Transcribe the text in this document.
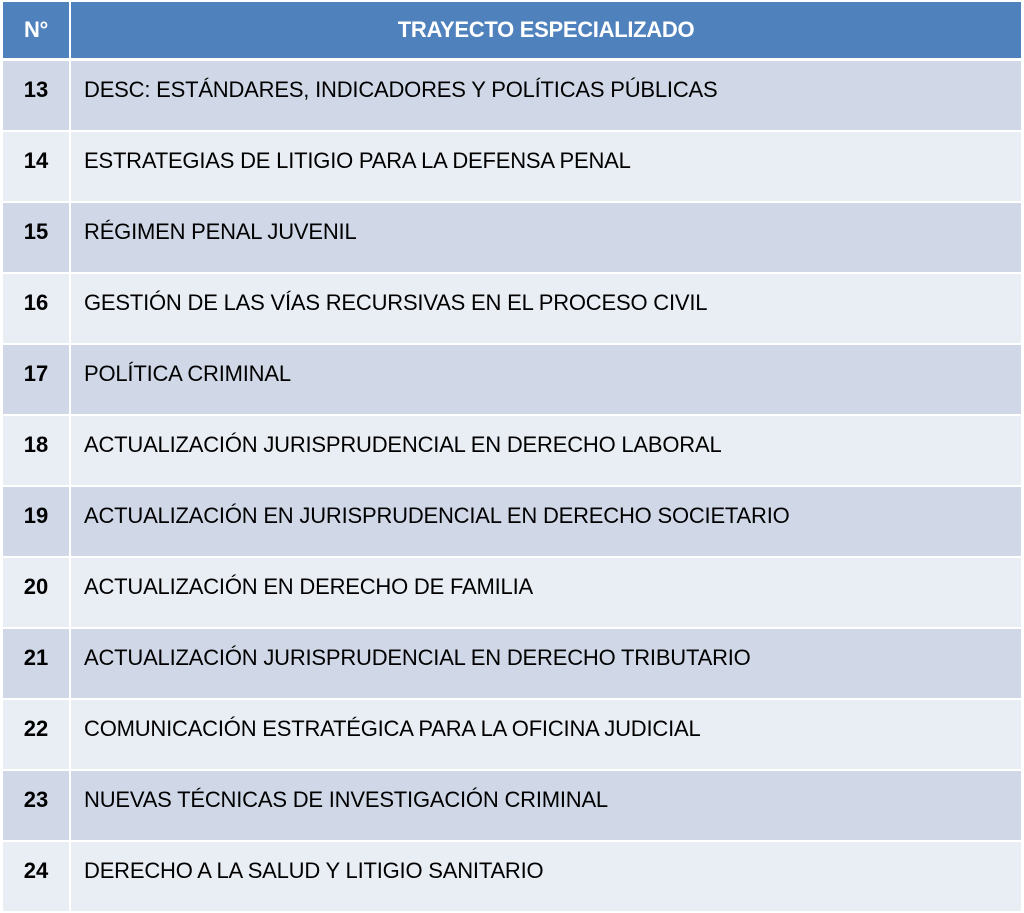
N°	TRAYECTO ESPECIALIZADO
13	DESC: ESTÁNDARES, INDICADORES Y POLÍTICAS PÚBLICAS
14	ESTRATEGIAS DE LITIGIO PARA LA DEFENSA PENAL
15	RÉGIMEN PENAL JUVENIL
16	GESTIÓN DE LAS VÍAS RECURSIVAS EN EL PROCESO CIVIL
17	POLÍTICA CRIMINAL
18	ACTUALIZACIÓN JURISPRUDENCIAL EN DERECHO LABORAL
19	ACTUALIZACIÓN EN JURISPRUDENCIAL EN DERECHO SOCIETARIO
20	ACTUALIZACIÓN EN DERECHO DE FAMILIA
21	ACTUALIZACIÓN JURISPRUDENCIAL EN DERECHO TRIBUTARIO
22	COMUNICACIÓN ESTRATÉGICA PARA LA OFICINA JUDICIAL
23	NUEVAS TÉCNICAS DE INVESTIGACIÓN CRIMINAL
24	DERECHO A LA SALUD Y LITIGIO SANITARIO
